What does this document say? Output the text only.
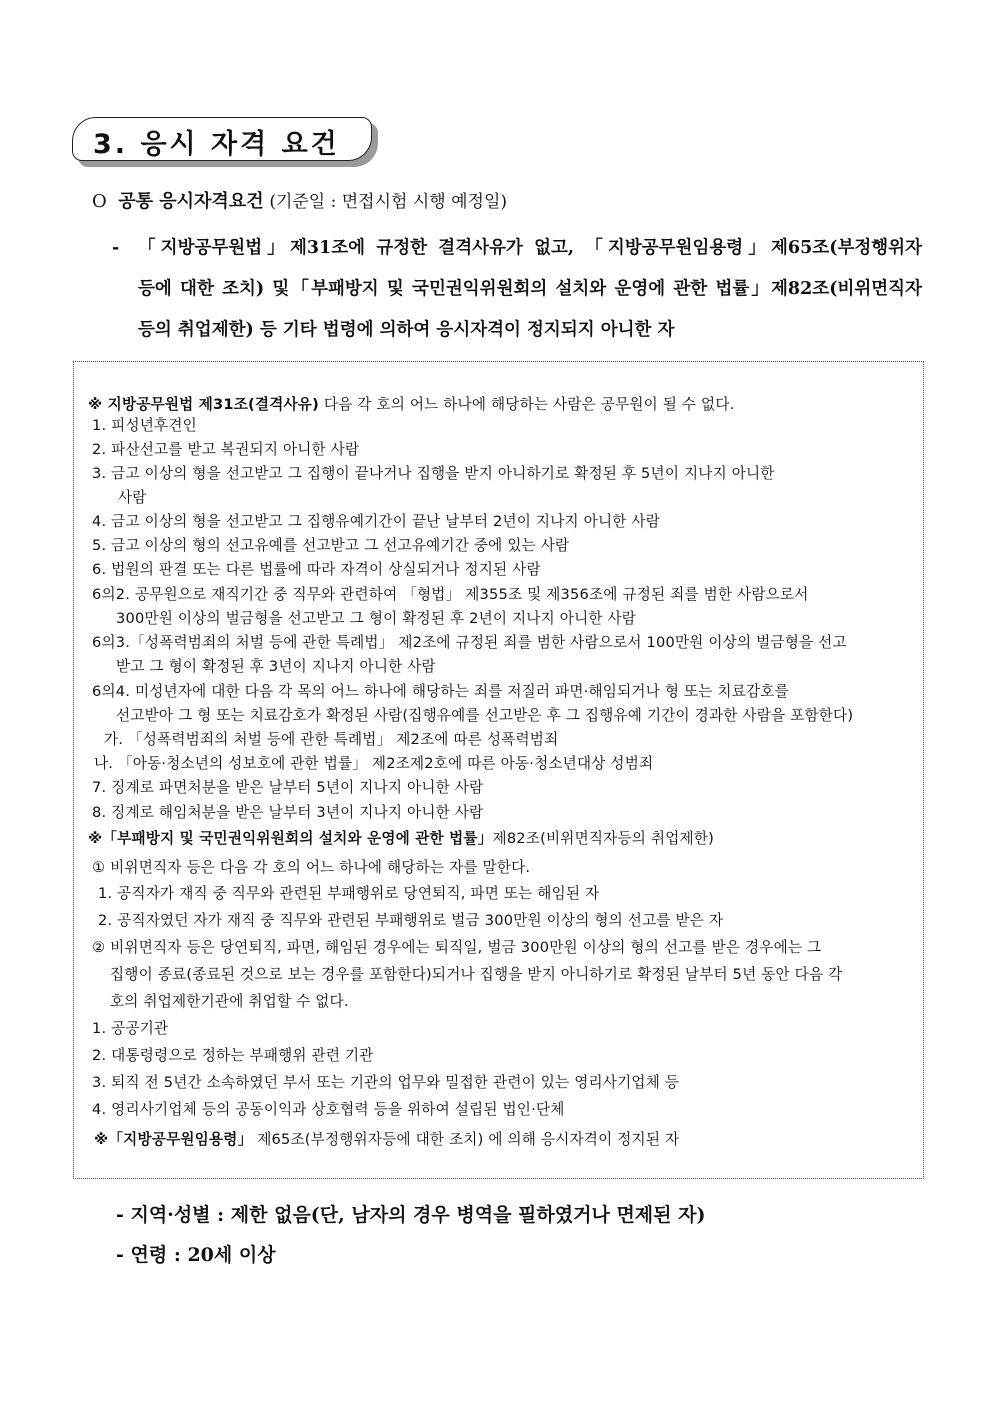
3. 응시 자격 요건
O 공통 응시자격요건 (기준일 : 면접시험 시행 예정일)
- 「지방공무원법」제31조에 규정한 결격사유가 없고, 「지방공무원임용령」제65조(부정행위자
등에 대한 조치) 및「부패방지 및 국민권익위원회의 설치와 운영에 관한 법률」제82조(비위면직자
등의 취업제한) 등 기타 법령에 의하여 응시자격이 정지되지 아니한 자
※ 지방공무원법 제31조(결격사유) 다음 각 호의 어느 하나에 해당하는 사람은 공무원이 될 수 없다.
1. 피성년후견인
2. 파산선고를 받고 복권되지 아니한 사람
3. 금고 이상의 형을 선고받고 그 집행이 끝나거나 집행을 받지 아니하기로 확정된 후 5년이 지나지 아니한
사람
4. 금고 이상의 형을 선고받고 그 집행유예기간이 끝난 날부터 2년이 지나지 아니한 사람
5. 금고 이상의 형의 선고유예를 선고받고 그 선고유예기간 중에 있는 사람
6. 법원의 판결 또는 다른 법률에 따라 자격이 상실되거나 정지된 사람
6의2. 공무원으로 재직기간 중 직무와 관련하여 「형법」 제355조 및 제356조에 규정된 죄를 범한 사람으로서
300만원 이상의 벌금형을 선고받고 그 형이 확정된 후 2년이 지나지 아니한 사람
6의3.「성폭력범죄의 처벌 등에 관한 특례법」 제2조에 규정된 죄를 범한 사람으로서 100만원 이상의 벌금형을 선고
받고 그 형이 확정된 후 3년이 지나지 아니한 사람
6의4. 미성년자에 대한 다음 각 목의 어느 하나에 해당하는 죄를 저질러 파면·해임되거나 형 또는 치료감호를
선고받아 그 형 또는 치료감호가 확정된 사람(집행유예를 선고받은 후 그 집행유예 기간이 경과한 사람을 포함한다)
가. 「성폭력범죄의 처벌 등에 관한 특례법」 제2조에 따른 성폭력범죄
나. 「아동·청소년의 성보호에 관한 법률」 제2조제2호에 따른 아동·청소년대상 성범죄
7. 징계로 파면처분을 받은 날부터 5년이 지나지 아니한 사람
8. 징계로 해임처분을 받은 날부터 3년이 지나지 아니한 사람
※「부패방지 및 국민권익위원회의 설치와 운영에 관한 법률」제82조(비위면직자등의 취업제한)
① 비위면직자 등은 다음 각 호의 어느 하나에 해당하는 자를 말한다.
1. 공직자가 재직 중 직무와 관련된 부패행위로 당연퇴직, 파면 또는 해임된 자
2. 공직자였던 자가 재직 중 직무와 관련된 부패행위로 벌금 300만원 이상의 형의 선고를 받은 자
② 비위면직자 등은 당연퇴직, 파면, 해임된 경우에는 퇴직일, 벌금 300만원 이상의 형의 선고를 받은 경우에는 그
집행이 종료(종료된 것으로 보는 경우를 포함한다)되거나 집행을 받지 아니하기로 확정된 날부터 5년 동안 다음 각
호의 취업제한기관에 취업할 수 없다.
1. 공공기관
2. 대통령령으로 정하는 부패행위 관련 기관
3. 퇴직 전 5년간 소속하였던 부서 또는 기관의 업무와 밀접한 관련이 있는 영리사기업체 등
4. 영리사기업체 등의 공동이익과 상호협력 등을 위하여 설립된 법인·단체
※「지방공무원임용령」 제65조(부정행위자등에 대한 조치) 에 의해 응시자격이 정지된 자
- 지역·성별 : 제한 없음(단, 남자의 경우 병역을 필하였거나 면제된 자)
- 연령 : 20세 이상
